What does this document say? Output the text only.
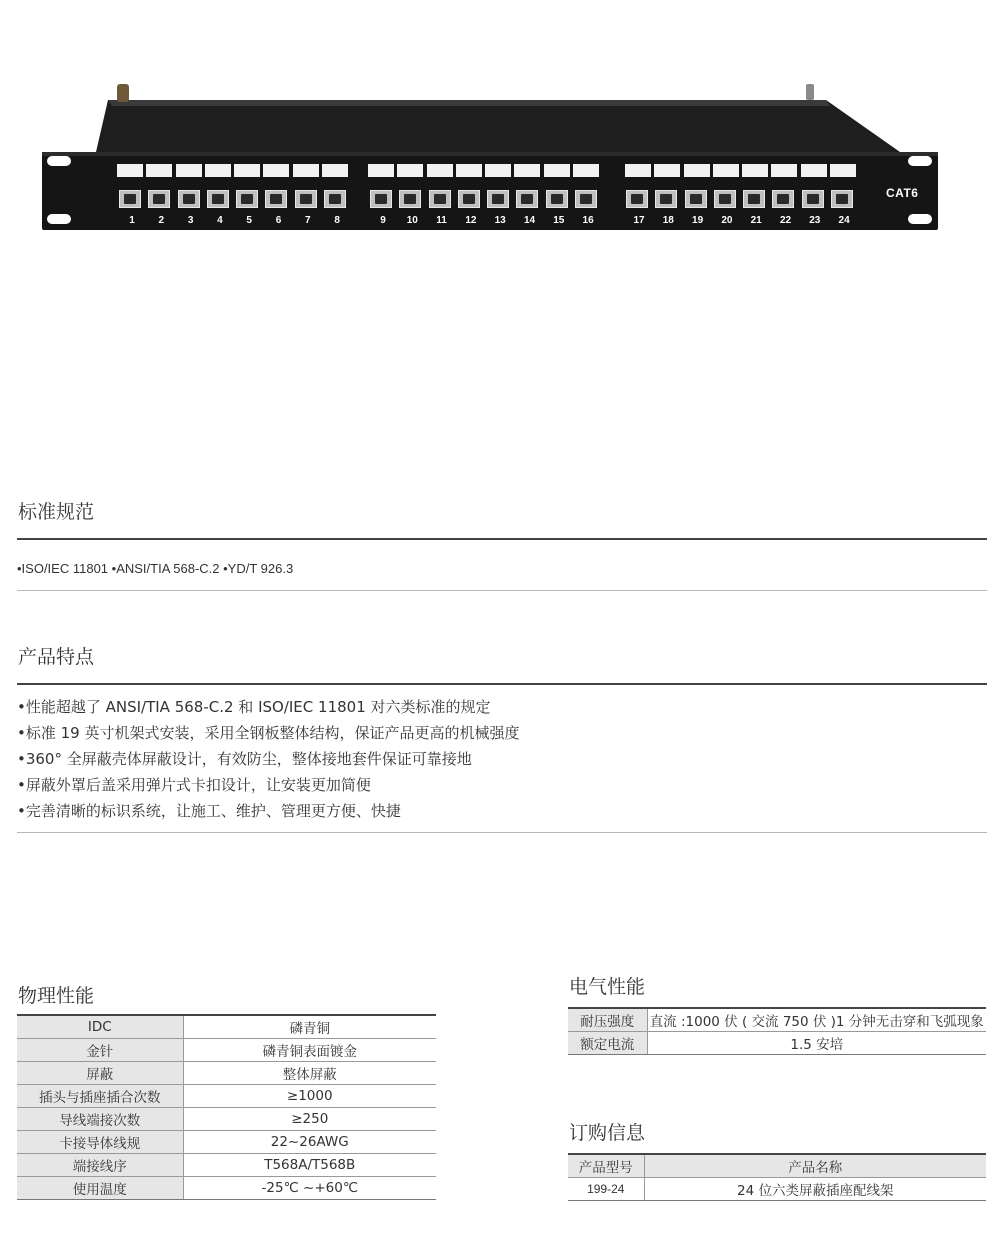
1	2	3	4	5	6	7	8	9	10	11	12	13	14	15	16	17	18	19	20	21	22	23	24
CAT6
标准规范
•ISO/IEC 11801 •ANSI/TIA 568-C.2 •YD/T 926.3
产品特点
•性能超越了 ANSI/TIA 568-C.2 和 ISO/IEC 11801 对六类标准的规定
•标准 19 英寸机架式安装，采用全钢板整体结构，保证产品更高的机械强度
•360° 全屏蔽壳体屏蔽设计，有效防尘，整体接地套件保证可靠接地
•屏蔽外罩后盖采用弹片式卡扣设计，让安装更加简便
•完善清晰的标识系统，让施工、维护、管理更方便、快捷
物理性能
IDC	磷青铜
金针	磷青铜表面镀金
屏蔽	整体屏蔽
插头与插座插合次数	≥1000
导线端接次数	≥250
卡接导体线规	22~26AWG
端接线序	T568A/T568B
使用温度	-25℃ ~+60℃
电气性能
耐压强度	直流 :1000 伏 ( 交流 750 伏 )1 分钟无击穿和飞弧现象
额定电流	1.5 安培
订购信息
产品型号	产品名称
199-24	24 位六类屏蔽插座配线架
